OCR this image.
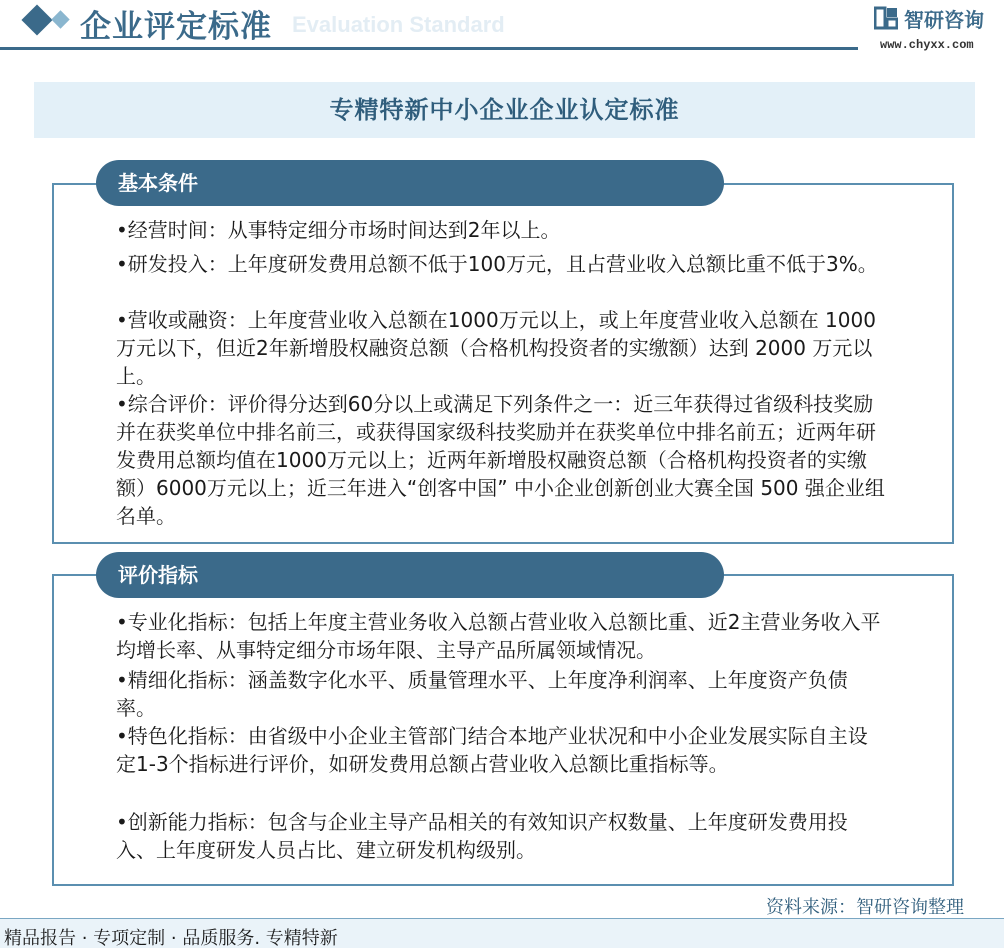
Evaluation Standard
企业评定标准	智研咨询
www.chyxx.com
专精特新中小企业企业认定标准
基本条件

•经营时间：从事特定细分市场时间达到2年以上。

•研发投入：上年度研发费用总额不低于100万元，且占营业收入总额比重不低于3%。

•营收或融资：上年度营业收入总额在1000万元以上，或上年度营业收入总额在 1000 万元以下，但近2年新增股权融资总额（合格机构投资者的实缴额）达到 2000 万元以上。

•综合评价：评价得分达到60分以上或满足下列条件之一：近三年获得过省级科技奖励并在获奖单位中排名前三，或获得国家级科技奖励并在获奖单位中排名前五；近两年研发费用总额均值在1000万元以上；近两年新增股权融资总额（合格机构投资者的实缴额）6000万元以上；近三年进入“创客中国” 中小企业创新创业大赛全国 500 强企业组名单。

评价指标

•专业化指标：包括上年度主营业务收入总额占营业收入总额比重、近2主营业务收入平均增长率、从事特定细分市场年限、主导产品所属领域情况。

•精细化指标：涵盖数字化水平、质量管理水平、上年度净利润率、上年度资产负债率。

•特色化指标：由省级中小企业主管部门结合本地产业状况和中小企业发展实际自主设定1-3个指标进行评价，如研发费用总额占营业收入总额比重指标等。

•创新能力指标：包含与企业主导产品相关的有效知识产权数量、上年度研发费用投入、上年度研发人员占比、建立研发机构级别。

资料来源：智研咨询整理
精品报告 · 专项定制 · 品质服务. 专精特新
